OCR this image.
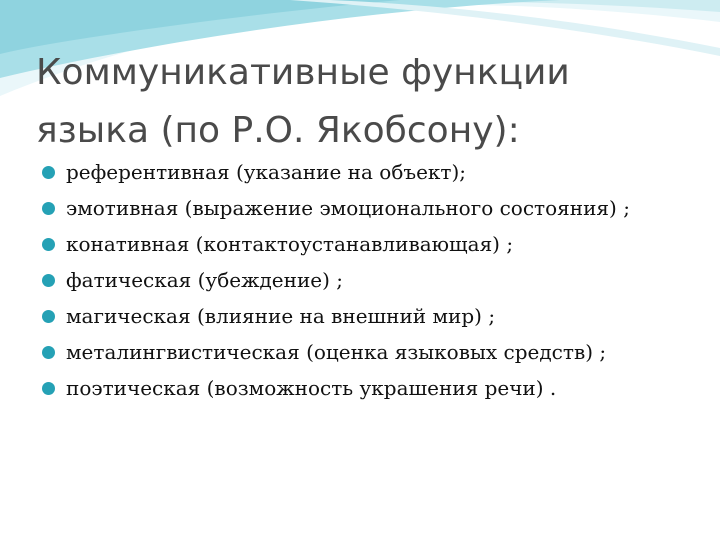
Коммуникативные функции
языка (по Р.О. Якобсону):
референтивная (указание на объект);
эмотивная (выражение эмоционального состояния) ;
конативная (контактоустанавливающая) ;
фатическая (убеждение) ;
магическая (влияние на внешний мир) ;
металингвистическая (оценка языковых средств) ;
поэтическая (возможность украшения речи) .
